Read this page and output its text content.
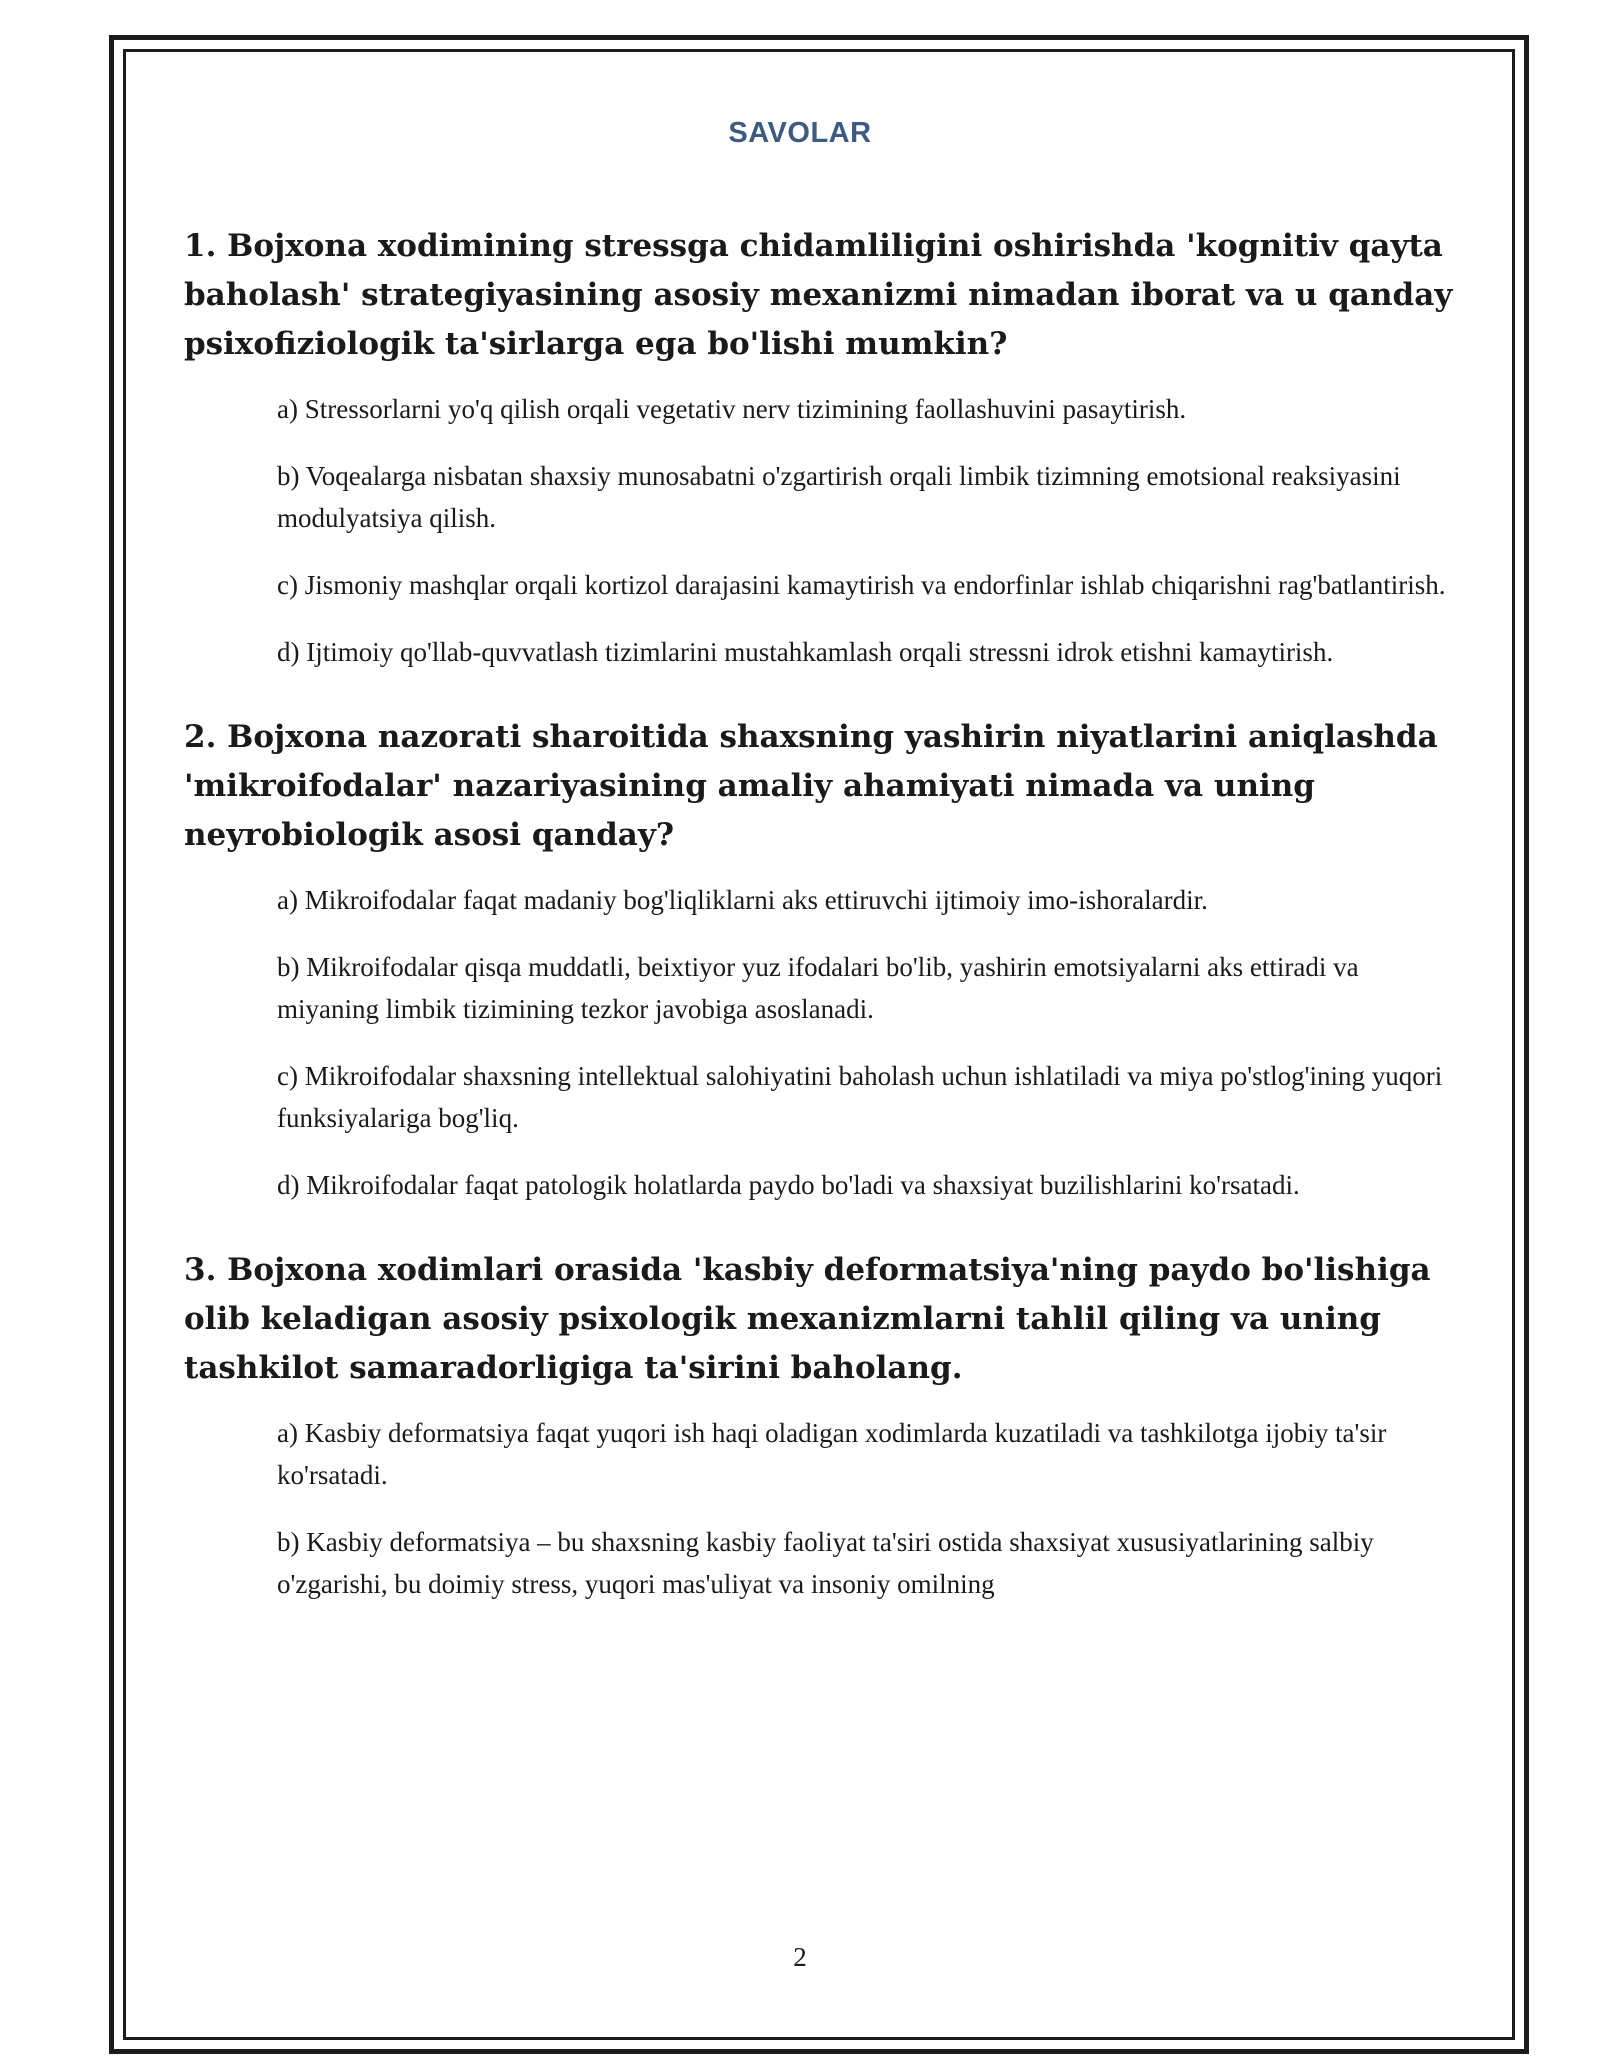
SAVOLAR
1. Bojxona xodimining stressga chidamliligini oshirishda 'kognitiv qayta baholash' strategiyasining asosiy mexanizmi nimadan iborat va u qanday psixofiziologik ta'sirlarga ega bo'lishi mumkin?
a) Stressorlarni yo'q qilish orqali vegetativ nerv tizimining faollashuvini pasaytirish.
b) Voqealarga nisbatan shaxsiy munosabatni o'zgartirish orqali limbik tizimning emotsional reaksiyasini modulyatsiya qilish.
c) Jismoniy mashqlar orqali kortizol darajasini kamaytirish va endorfinlar ishlab chiqarishni rag'batlantirish.
d) Ijtimoiy qo'llab-quvvatlash tizimlarini mustahkamlash orqali stressni idrok etishni kamaytirish.
2. Bojxona nazorati sharoitida shaxsning yashirin niyatlarini aniqlashda 'mikroifodalar' nazariyasining amaliy ahamiyati nimada va uning neyrobiologik asosi qanday?
a) Mikroifodalar faqat madaniy bog'liqliklarni aks ettiruvchi ijtimoiy imo-ishoralardir.
b) Mikroifodalar qisqa muddatli, beixtiyor yuz ifodalari bo'lib, yashirin emotsiyalarni aks ettiradi va miyaning limbik tizimining tezkor javobiga asoslanadi.
c) Mikroifodalar shaxsning intellektual salohiyatini baholash uchun ishlatiladi va miya po'stlog'ining yuqori funksiyalariga bog'liq.
d) Mikroifodalar faqat patologik holatlarda paydo bo'ladi va shaxsiyat buzilishlarini ko'rsatadi.
3. Bojxona xodimlari orasida 'kasbiy deformatsiya'ning paydo bo'lishiga olib keladigan asosiy psixologik mexanizmlarni tahlil qiling va uning tashkilot samaradorligiga ta'sirini baholang.
a) Kasbiy deformatsiya faqat yuqori ish haqi oladigan xodimlarda kuzatiladi va tashkilotga ijobiy ta'sir ko'rsatadi.
b) Kasbiy deformatsiya – bu shaxsning kasbiy faoliyat ta'siri ostida shaxsiyat xususiyatlarining salbiy o'zgarishi, bu doimiy stress, yuqori mas'uliyat va insoniy omilning
2
